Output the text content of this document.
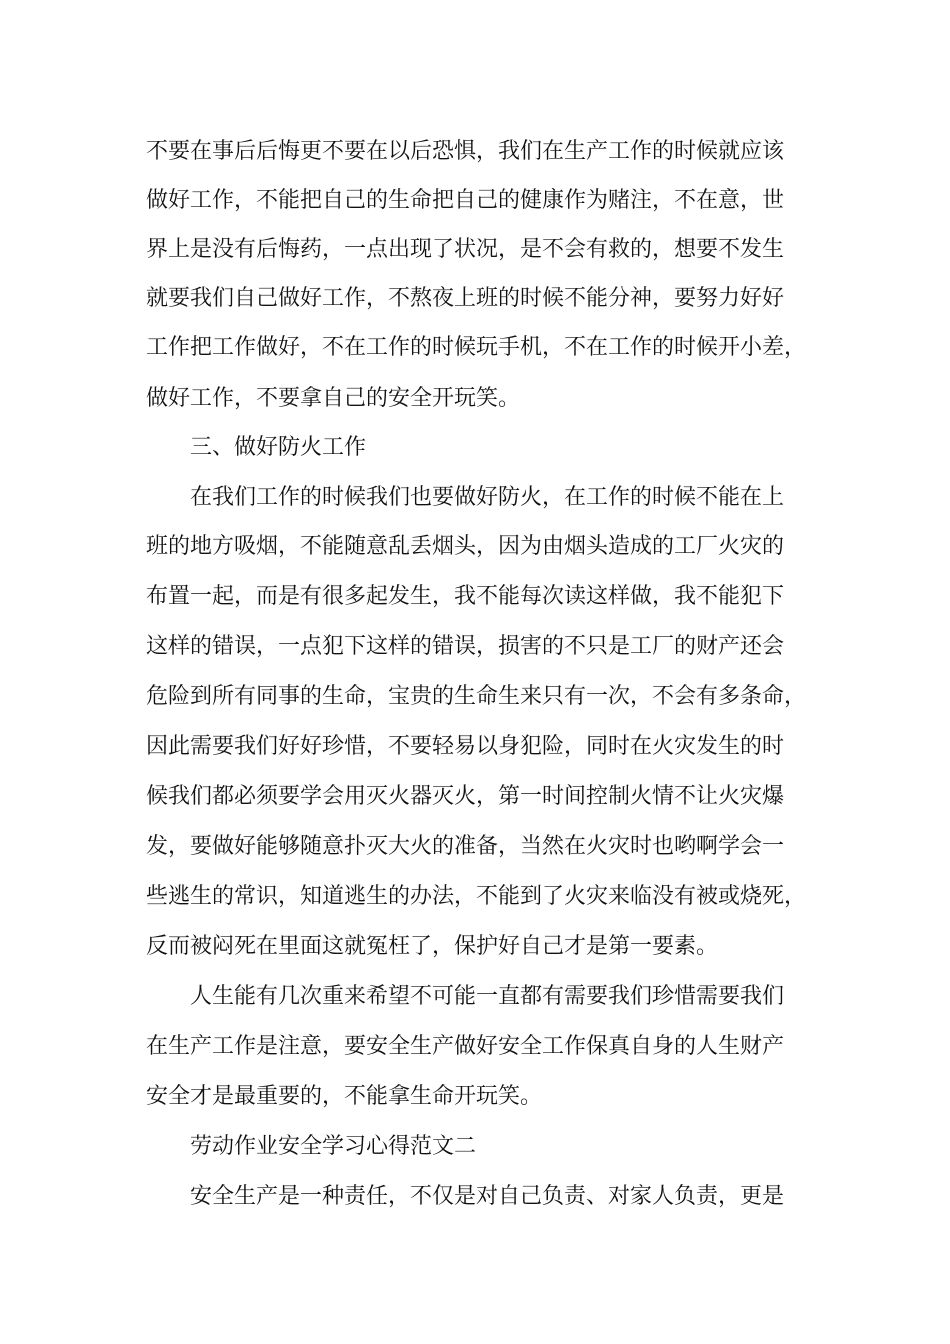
不要在事后后悔更不要在以后恐惧，我们在生产工作的时候就应该
做好工作，不能把自己的生命把自己的健康作为赌注，不在意，世
界上是没有后悔药，一点出现了状况，是不会有救的，想要不发生
就要我们自己做好工作，不熬夜上班的时候不能分神，要努力好好
工作把工作做好，不在工作的时候玩手机，不在工作的时候开小差，
做好工作，不要拿自己的安全开玩笑。
三、做好防火工作
在我们工作的时候我们也要做好防火，在工作的时候不能在上
班的地方吸烟，不能随意乱丢烟头，因为由烟头造成的工厂火灾的
布置一起，而是有很多起发生，我不能每次读这样做，我不能犯下
这样的错误，一点犯下这样的错误，损害的不只是工厂的财产还会
危险到所有同事的生命，宝贵的生命生来只有一次，不会有多条命，
因此需要我们好好珍惜，不要轻易以身犯险，同时在火灾发生的时
候我们都必须要学会用灭火器灭火，第一时间控制火情不让火灾爆
发，要做好能够随意扑灭大火的准备，当然在火灾时也哟啊学会一
些逃生的常识，知道逃生的办法，不能到了火灾来临没有被或烧死，
反而被闷死在里面这就冤枉了，保护好自己才是第一要素。
人生能有几次重来希望不可能一直都有需要我们珍惜需要我们
在生产工作是注意，要安全生产做好安全工作保真自身的人生财产
安全才是最重要的，不能拿生命开玩笑。
劳动作业安全学习心得范文二
安全生产是一种责任，不仅是对自己负责、对家人负责，更是
